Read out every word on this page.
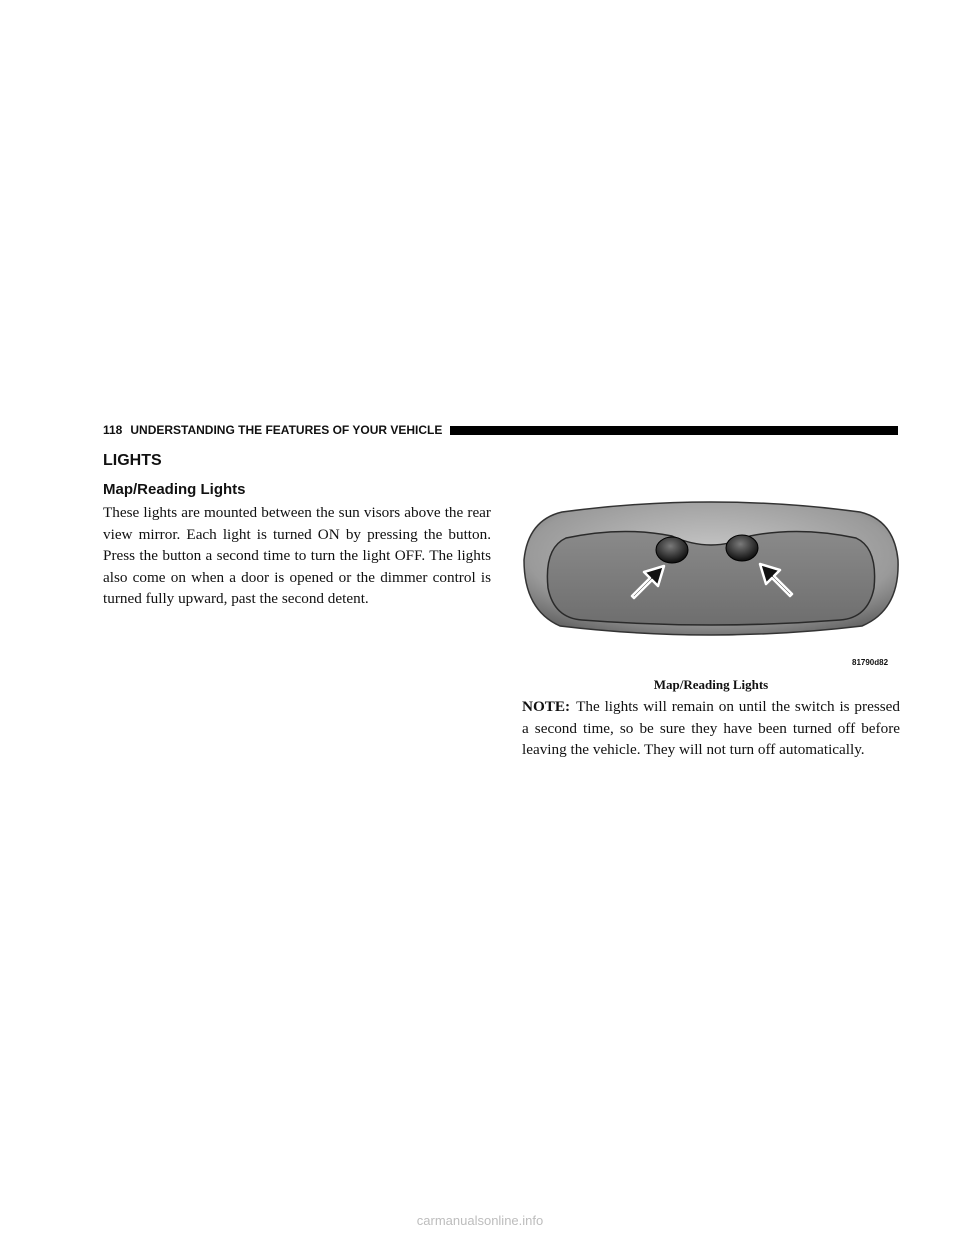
118 UNDERSTANDING THE FEATURES OF YOUR VEHICLE
LIGHTS
Map/Reading Lights

These lights are mounted between the sun visors above the rear view mirror. Each light is turned ON by pressing the button. Press the button a second time to turn the light OFF. The lights also come on when a door is opened or the dimmer control is turned fully upward, past the second detent.

81790d82
Map/Reading Lights
NOTE: The lights will remain on until the switch is pressed a second time, so be sure they have been turned off before leaving the vehicle. They will not turn off automatically.
carmanualsonline.info
